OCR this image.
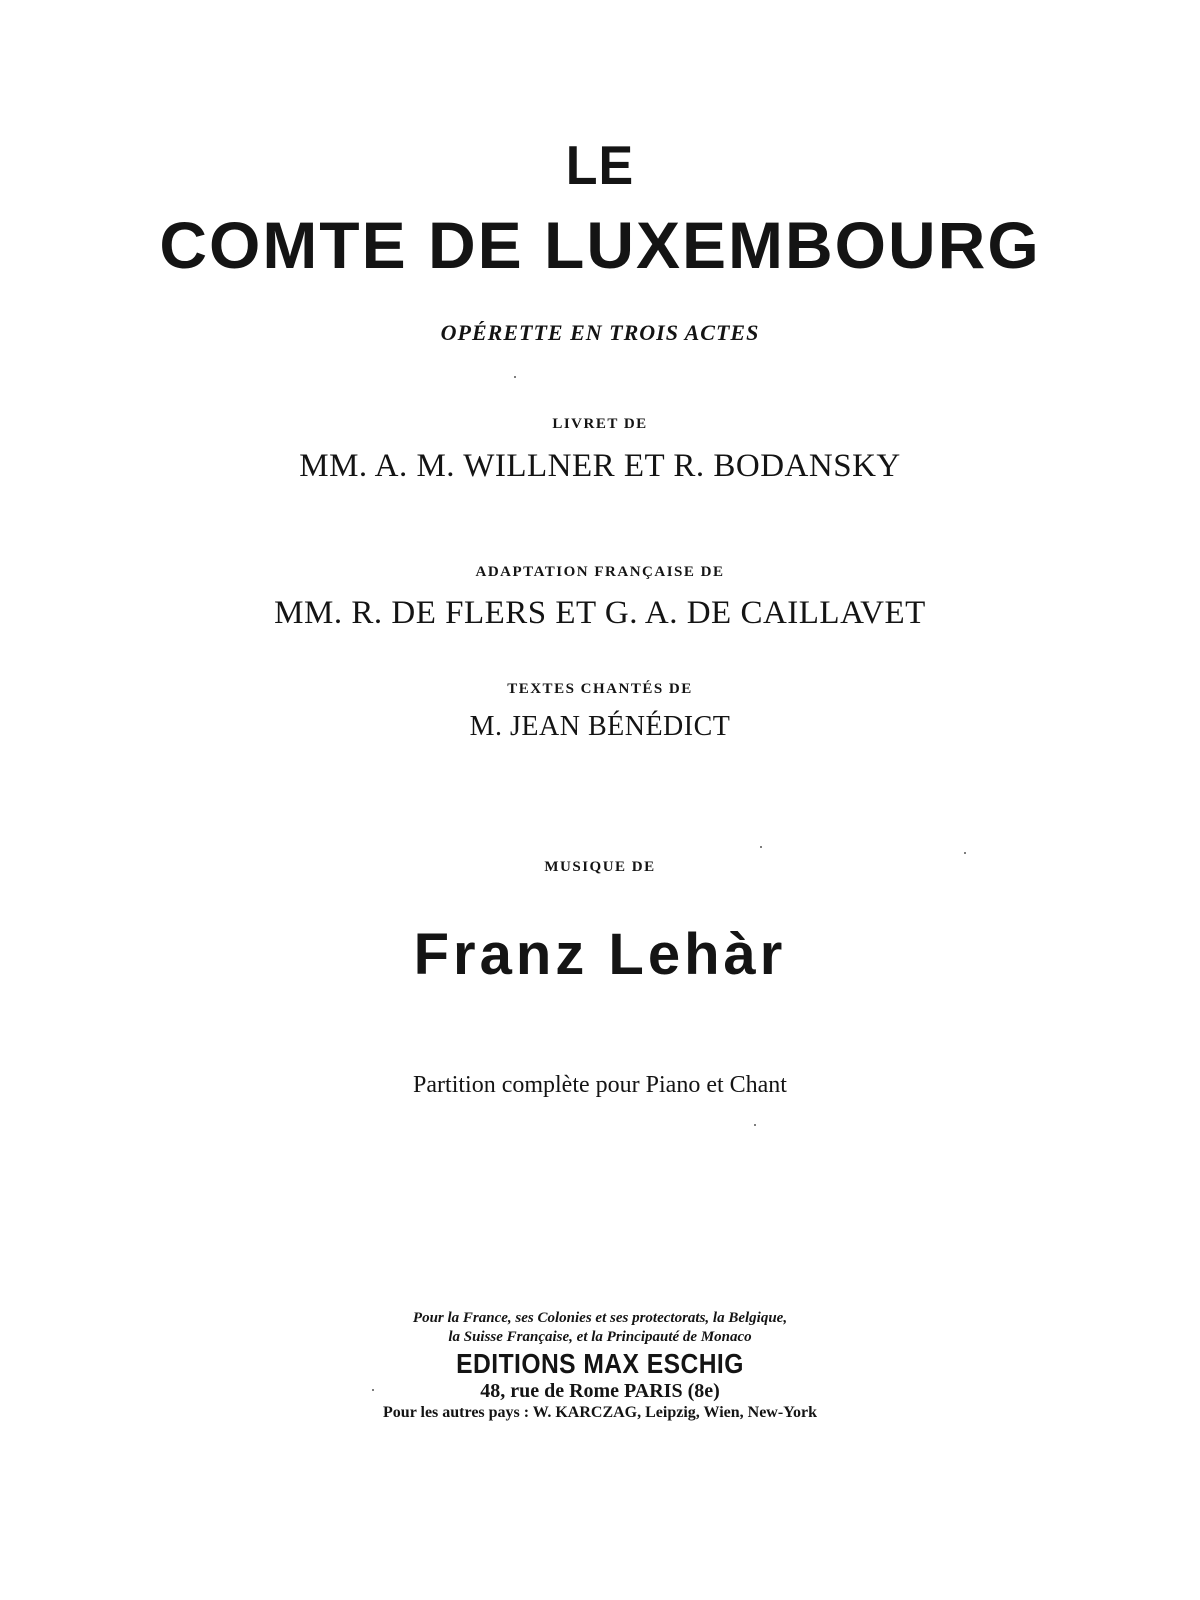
LE
COMTE DE LUXEMBOURG
OPÉRETTE EN TROIS ACTES
LIVRET DE
MM. A. M. WILLNER ET R. BODANSKY
ADAPTATION FRANÇAISE DE
MM. R. DE FLERS ET G. A. DE CAILLAVET
TEXTES CHANTÉS DE
M. JEAN BÉNÉDICT
MUSIQUE DE
Franz Lehàr
Partition complète pour Piano et Chant
Pour la France, ses Colonies et ses protectorats, la Belgique,
la Suisse Française, et la Principauté de Monaco
EDITIONS MAX ESCHIG
48, rue de Rome PARIS (8e)
Pour les autres pays : W. KARCZAG, Leipzig, Wien, New-York
